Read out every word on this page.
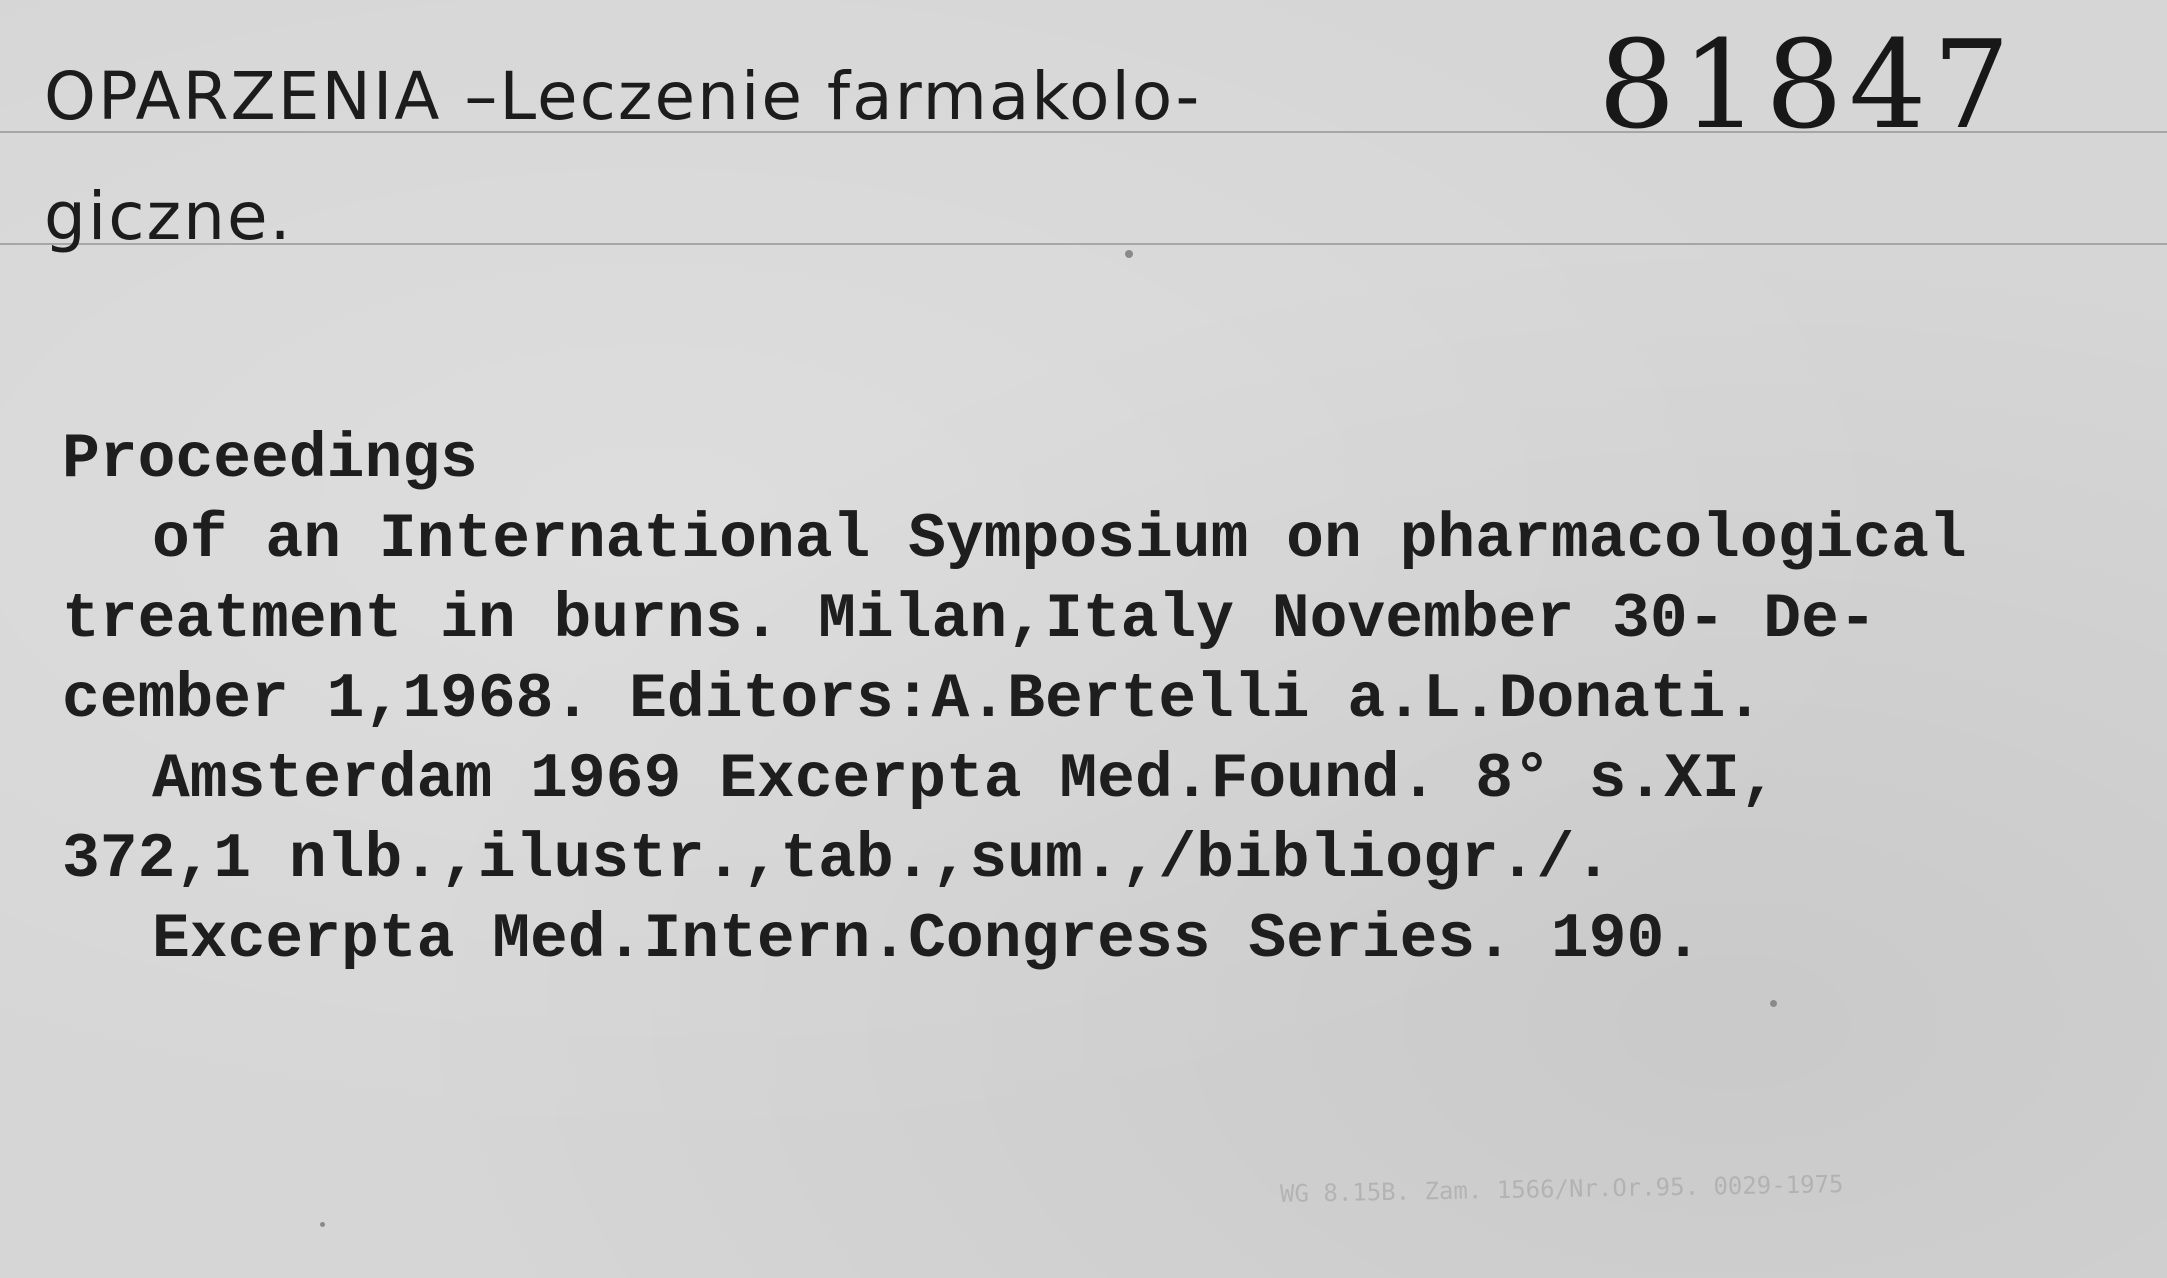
OPARZENIA –Leczenie farmakolo-
giczne.
81847
Proceedings
of an International Symposium on pharmacological
treatment in burns. Milan,Italy November 30- De-
cember 1,1968. Editors:A.Bertelli a.L.Donati.
Amsterdam 1969 Excerpta Med.Found. 8° s.XI,
372,1 nlb.,ilustr.,tab.,sum.,/bibliogr./.
Excerpta Med.Intern.Congress Series. 190.
WG 8.15B. Zam. 1566/Nr.Or.95. 0029-1975
